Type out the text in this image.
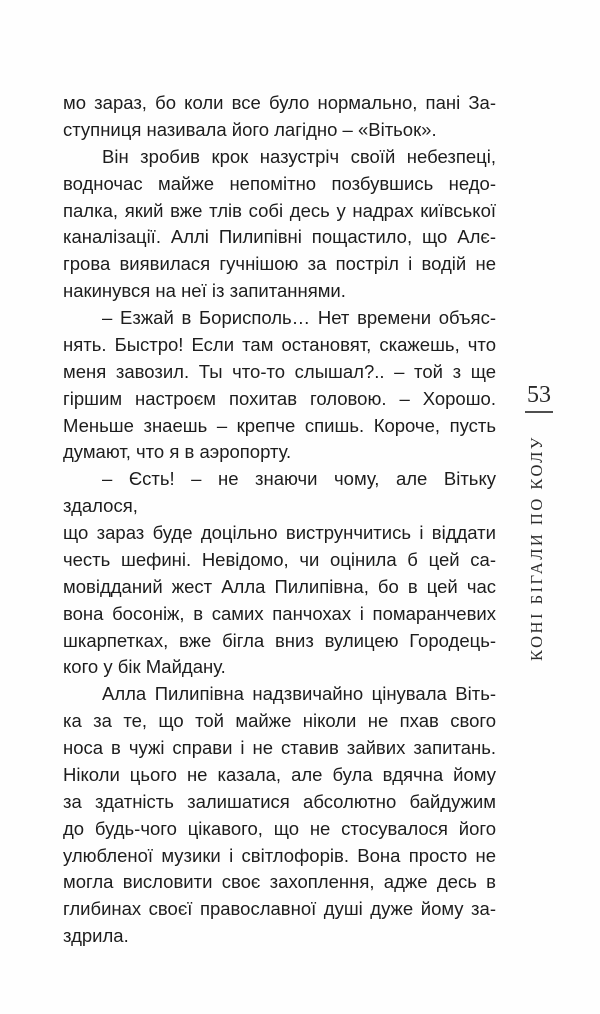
мо зараз, бо коли все було нормально, пані За-
ступниця називала його лагідно – «Вітьок».
Він зробив крок назустріч своїй небезпеці,
водночас майже непомітно позбувшись недо-
палка, який вже тлів собі десь у надрах київської
каналізації. Аллі Пилипівні пощастило, що Алє-
грова виявилася гучнішою за постріл і водій не
накинувся на неї із запитаннями.
– Езжай в Борисполь… Нет времени объяс-
нять. Быстро! Если там остановят, скажешь, что
меня завозил. Ты что-то слышал?.. – той з ще
гіршим настроєм похитав головою. – Хорошо.
Меньше знаешь – крепче спишь. Короче, пусть
думают, что я в аэропорту.
– Єсть! – не знаючи чому, але Вітьку здалося,
що зараз буде доцільно виструнчитись і віддати
честь шефині. Невідомо, чи оцінила б цей са-
мовідданий жест Алла Пилипівна, бо в цей час
вона босоніж, в самих панчохах і помаранчевих
шкарпетках, вже бігла вниз вулицею Городець-
кого у бік Майдану.
Алла Пилипівна надзвичайно цінувала Віть-
ка за те, що той майже ніколи не пхав свого
носа в чужі справи і не ставив зайвих запитань.
Ніколи цього не казала, але була вдячна йому
за здатність залишатися абсолютно байдужим
до будь-чого цікавого, що не стосувалося його
улюбленої музики і світлофорів. Вона просто не
могла висловити своє захоплення, адже десь в
глибинах своєї православної душі дуже йому за-
здрила.
53
КОНІ БІГАЛИ ПО КОЛУ
